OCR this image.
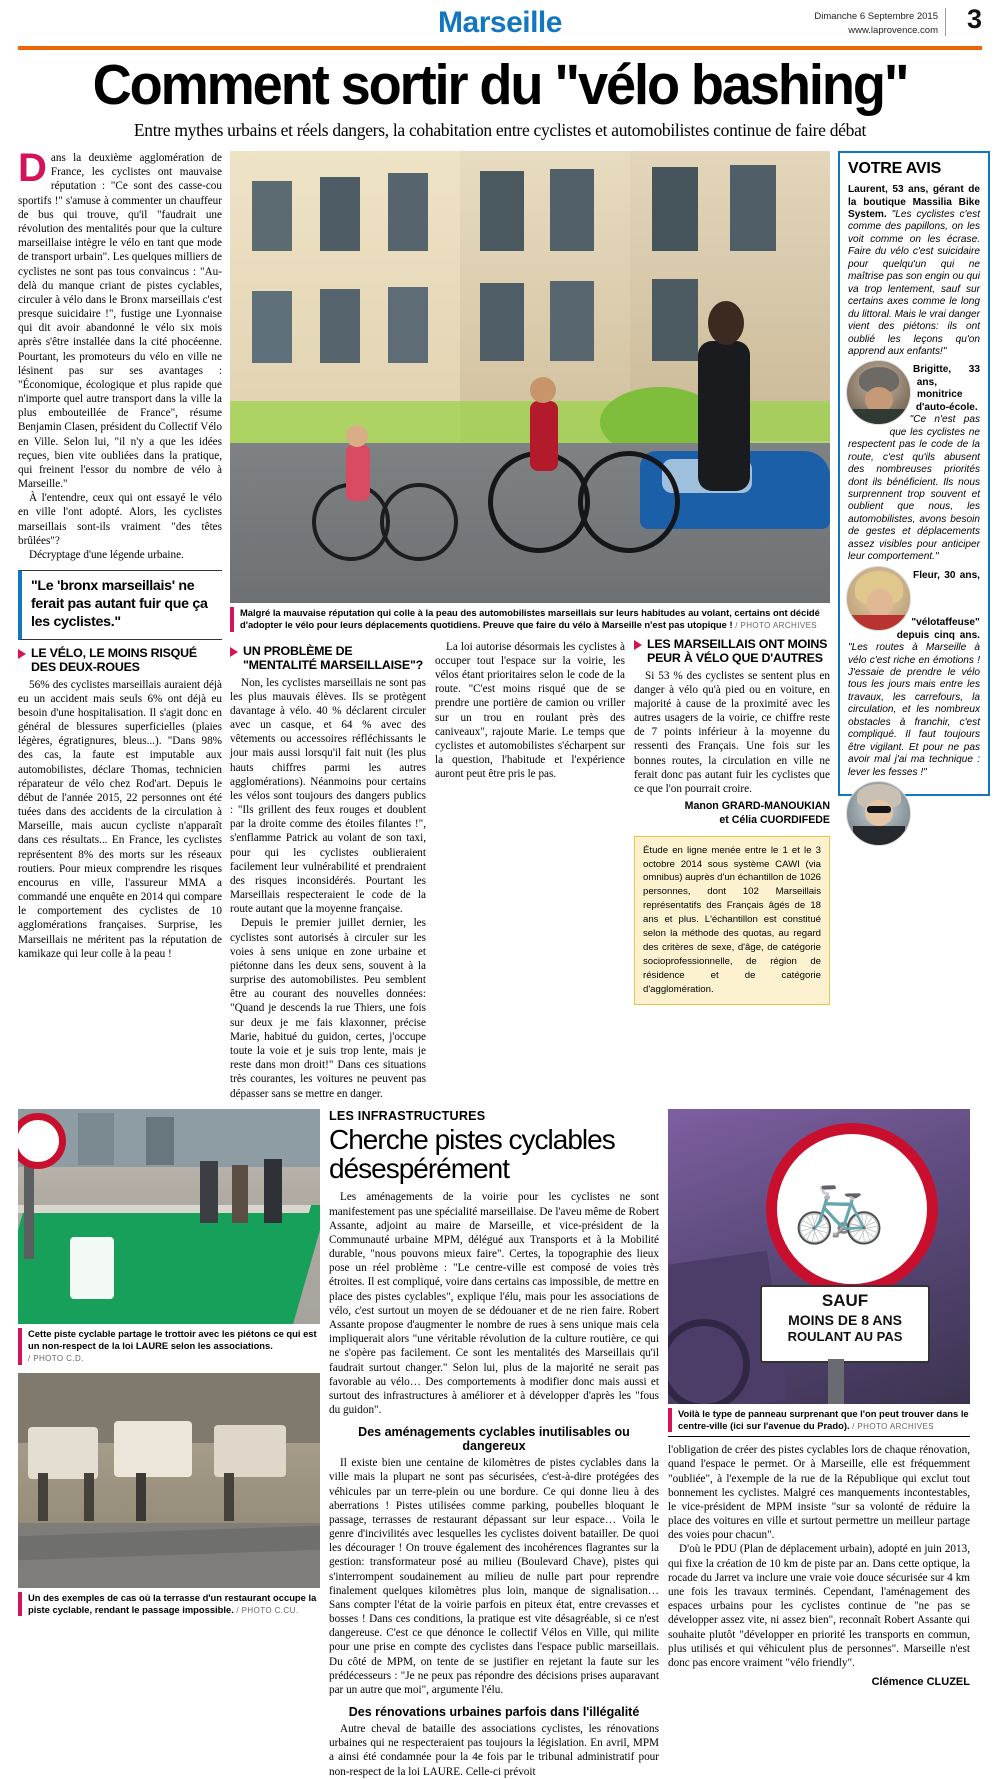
Marseille	Dimanche 6 Septembre 2015
www.laprovence.com 3
Comment sortir du "vélo bashing"
Entre mythes urbains et réels dangers, la cohabitation entre cyclistes et automobilistes continue de faire débat

Dans la deuxième agglomération de France, les cyclistes ont mauvaise réputation : "Ce sont des casse-cou sportifs !" s'amuse à commenter un chauffeur de bus qui trouve, qu'il "faudrait une révolution des mentalités pour que la culture marseillaise intègre le vélo en tant que mode de transport urbain". Les quelques milliers de cyclistes ne sont pas tous convaincus : "Au-delà du manque criant de pistes cyclables, circuler à vélo dans le Bronx marseillais c'est presque suicidaire !", fustige une Lyonnaise qui dit avoir abandonné le vélo six mois après s'être installée dans la cité phocéenne. Pourtant, les promoteurs du vélo en ville ne lésinent pas sur ses avantages : "Économique, écologique et plus rapide que n'importe quel autre transport dans la ville la plus embouteillée de France", résume Benjamin Clasen, président du Collectif Vélo en Ville. Selon lui, "il n'y a que les idées reçues, bien vite oubliées dans la pratique, qui freinent l'essor du nombre de vélo à Marseille."

À l'entendre, ceux qui ont essayé le vélo en ville l'ont adopté. Alors, les cyclistes marseillais sont-ils vraiment "des têtes brûlées"?

Décryptage d'une légende urbaine.

"Le 'bronx marseillais' ne ferait pas autant fuir que ça les cyclistes."
LE VÉLO, LE MOINS RISQUÉ DES DEUX-ROUES

56% des cyclistes marseillais auraient déjà eu un accident mais seuls 6% ont déjà eu besoin d'une hospitalisation. Il s'agit donc en général de blessures superficielles (plaies légères, égratignures, bleus...). "Dans 98% des cas, la faute est imputable aux automobilistes, déclare Thomas, technicien réparateur de vélo chez Rod'art. Depuis le début de l'année 2015, 22 personnes ont été tuées dans des accidents de la circulation à Marseille, mais aucun cycliste n'apparaît dans ces résultats... En France, les cyclistes représentent 8% des morts sur les réseaux routiers. Pour mieux comprendre les risques encourus en ville, l'assureur MMA a commandé une enquête en 2014 qui compare le comportement des cyclistes de 10 agglomérations françaises. Surprise, les Marseillais ne méritent pas la réputation de kamikaze qui leur colle à la peau !

Malgré la mauvaise réputation qui colle à la peau des automobilistes marseillais sur leurs habitudes au volant, certains ont décidé d'adopter le vélo pour leurs déplacements quotidiens. Preuve que faire du vélo à Marseille n'est pas utopique ! / PHOTO ARCHIVES
UN PROBLÈME DE "MENTALITÉ MARSEILLAISE"?

Non, les cyclistes marseillais ne sont pas les plus mauvais élèves. Ils se protègent davantage à vélo. 40 % déclarent circuler avec un casque, et 64 % avec des vêtements ou accessoires réfléchissants le jour mais aussi lorsqu'il fait nuit (les plus hauts chiffres parmi les autres agglomérations). Néanmoins pour certains les vélos sont toujours des dangers publics : "Ils grillent des feux rouges et doublent par la droite comme des étoiles filantes !", s'enflamme Patrick au volant de son taxi, pour qui les cyclistes oublieraient facilement leur vulnérabilité et prendraient des risques inconsidérés. Pourtant les Marseillais respecteraient le code de la route autant que la moyenne française.

Depuis le premier juillet dernier, les cyclistes sont autorisés à circuler sur les voies à sens unique en zone urbaine et piétonne dans les deux sens, souvent à la surprise des automobilistes. Peu semblent être au courant des nouvelles données: "Quand je descends la rue Thiers, une fois sur deux je me fais klaxonner, précise Marie, habitué du guidon, certes, j'occupe toute la voie et je suis trop lente, mais je reste dans mon droit!" Dans ces situations très courantes, les voitures ne peuvent pas dépasser sans se mettre en danger.

La loi autorise désormais les cyclistes à occuper tout l'espace sur la voirie, les vélos étant prioritaires selon le code de la route. "C'est moins risqué que de se prendre une portière de camion ou vriller sur un trou en roulant près des caniveaux", rajoute Marie. Le temps que cyclistes et automobilistes s'écharpent sur la question, l'habitude et l'expérience auront peut être pris le pas.

LES MARSEILLAIS ONT MOINS PEUR À VÉLO QUE D'AUTRES

Si 53 % des cyclistes se sentent plus en danger à vélo qu'à pied ou en voiture, en majorité à cause de la proximité avec les autres usagers de la voirie, ce chiffre reste de 7 points inférieur à la moyenne du ressenti des Français. Une fois sur les bonnes routes, la circulation en ville ne ferait donc pas autant fuir les cyclistes que ce que l'on pourrait croire.

Manon GRARD-MANOUKIAN
et Célia CUORDIFEDE
Étude en ligne menée entre le 1 et le 3 octobre 2014 sous système CAWI (via omnibus) auprès d'un échantillon de 1026 personnes, dont 102 Marseillais représentatifs des Français âgés de 18 ans et plus. L'échantillon est constitué selon la méthode des quotas, au regard des critères de sexe, d'âge, de catégorie socioprofessionnelle, de région de résidence et de catégorie d'agglomération.
VOTRE AVIS
Laurent, 53 ans, gérant de la boutique Massilia Bike System. "Les cyclistes c'est comme des papillons, on les voit comme on les écrase. Faire du vélo c'est suicidaire pour quelqu'un qui ne maîtrise pas son engin ou qui va trop lentement, sauf sur certains axes comme le long du littoral. Mais le vrai danger vient des piétons: ils ont oublié les leçons qu'on apprend aux enfants!"
Brigitte, 33 ans, monitrice d'auto-école. "Ce n'est pas que les cyclistes ne respectent pas le code de la route, c'est qu'ils abusent des nombreuses priorités dont ils bénéficient. Ils nous surprennent trop souvent et oublient que nous, les automobilistes, avons besoin de gestes et déplacements assez visibles pour anticiper leur comportement."
Fleur, 30 ans, "vélotaffeuse" depuis cinq ans. "Les routes à Marseille à vélo c'est riche en émotions ! J'essaie de prendre le vélo tous les jours mais entre les travaux, les carrefours, la circulation, et les nombreux obstacles à franchir, c'est compliqué. Il faut toujours être vigilant. Et pour ne pas avoir mal j'ai ma technique : lever les fesses !"
Cette piste cyclable partage le trottoir avec les piétons ce qui est un non-respect de la loi LAURE selon les associations. / PHOTO C.D.
Un des exemples de cas où la terrasse d'un restaurant occupe la piste cyclable, rendant le passage impossible. / PHOTO C.CU.
LES INFRASTRUCTURES
Cherche pistes cyclables désespérément

Les aménagements de la voirie pour les cyclistes ne sont manifestement pas une spécialité marseillaise. De l'aveu même de Robert Assante, adjoint au maire de Marseille, et vice-président de la Communauté urbaine MPM, délégué aux Transports et à la Mobilité durable, "nous pouvons mieux faire". Certes, la topographie des lieux pose un réel problème : "Le centre-ville est composé de voies très étroites. Il est compliqué, voire dans certains cas impossible, de mettre en place des pistes cyclables", explique l'élu, mais pour les associations de vélo, c'est surtout un moyen de se dédouaner et de ne rien faire. Robert Assante propose d'augmenter le nombre de rues à sens unique mais cela impliquerait alors "une véritable révolution de la culture routière, ce qui ne s'opère pas facilement. Ce sont les mentalités des Marseillais qu'il faudrait surtout changer." Selon lui, plus de la majorité ne serait pas favorable au vélo… Des comportements à modifier donc mais aussi et surtout des infrastructures à améliorer et à développer d'après les "fous du guidon".

Des aménagements cyclables inutilisables ou dangereux

Il existe bien une centaine de kilomètres de pistes cyclables dans la ville mais la plupart ne sont pas sécurisées, c'est-à-dire protégées des véhicules par un terre-plein ou une bordure. Ce qui donne lieu à des aberrations ! Pistes utilisées comme parking, poubelles bloquant le passage, terrasses de restaurant dépassant sur leur espace… Voila le genre d'incivilités avec lesquelles les cyclistes doivent batailler. De quoi les décourager ! On trouve également des incohérences flagrantes sur la gestion: transformateur posé au milieu (Boulevard Chave), pistes qui s'interrompent soudainement au milieu de nulle part pour reprendre finalement quelques kilomètres plus loin, manque de signalisation… Sans compter l'état de la voirie parfois en piteux état, entre crevasses et bosses ! Dans ces conditions, la pratique est vite désagréable, si ce n'est dangereuse. C'est ce que dénonce le collectif Vélos en Ville, qui milite pour une prise en compte des cyclistes dans l'espace public marseillais. Du côté de MPM, on tente de se justifier en rejetant la faute sur les prédécesseurs : "Je ne peux pas répondre des décisions prises auparavant par un autre que moi", argumente l'élu.

Des rénovations urbaines parfois dans l'illégalité

Autre cheval de bataille des associations cyclistes, les rénovations urbaines qui ne respecteraient pas toujours la législation. En avril, MPM a ainsi été condamnée pour la 4e fois par le tribunal administratif pour non-respect de la loi LAURE. Celle-ci prévoit

🚲
SAUF
MOINS DE 8 ANS
ROULANT AU PAS
Voilà le type de panneau surprenant que l'on peut trouver dans le centre-ville (ici sur l'avenue du Prado). / PHOTO ARCHIVES

l'obligation de créer des pistes cyclables lors de chaque rénovation, quand l'espace le permet. Or à Marseille, elle est fréquemment "oubliée", à l'exemple de la rue de la République qui exclut tout bonnement les cyclistes. Malgré ces manquements incontestables, le vice-président de MPM insiste "sur sa volonté de réduire la place des voitures en ville et surtout permettre un meilleur partage des voies pour chacun".

D'où le PDU (Plan de déplacement urbain), adopté en juin 2013, qui fixe la création de 10 km de piste par an. Dans cette optique, la rocade du Jarret va inclure une vraie voie douce sécurisée sur 4 km une fois les travaux terminés. Cependant, l'aménagement des espaces urbains pour les cyclistes continue de "ne pas se développer assez vite, ni assez bien", reconnaît Robert Assante qui souhaite plutôt "développer en priorité les transports en commun, plus utilisés et qui véhiculent plus de personnes". Marseille n'est donc pas encore vraiment "vélo friendly".

Clémence CLUZEL
